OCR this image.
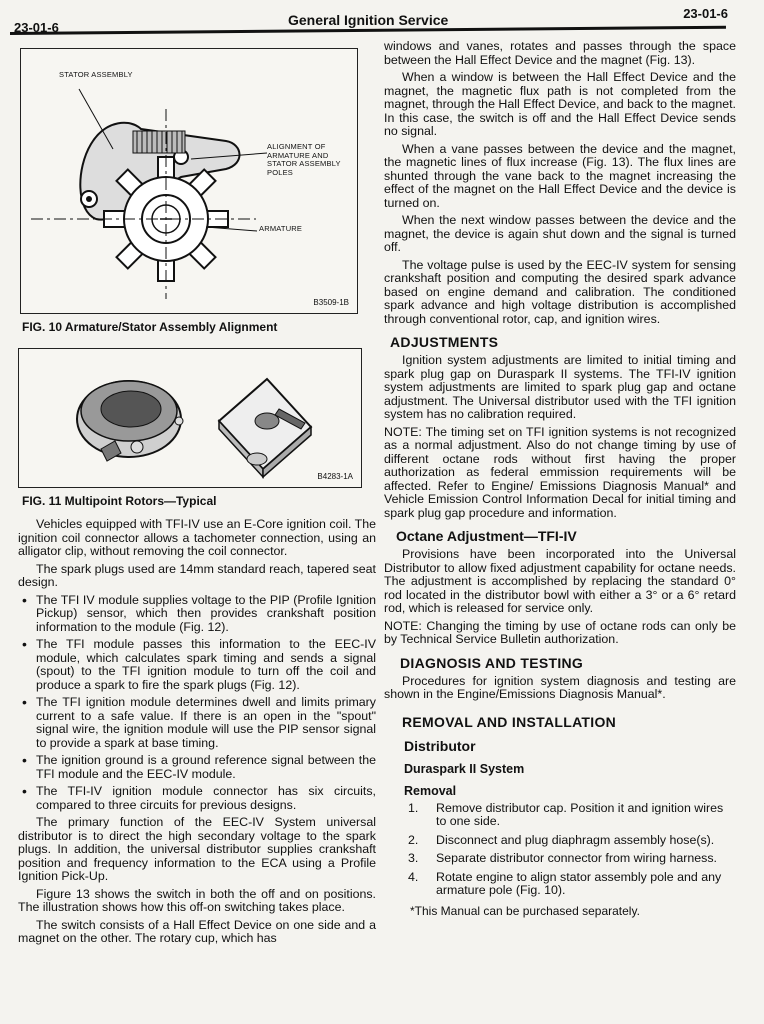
23-01-6	General Ignition Service	23-01-6
STATOR ASSEMBLY
ALIGNMENT OF ARMATURE AND STATOR ASSEMBLY POLES
ARMATURE
B3509-1B
FIG. 10 Armature/Stator Assembly Alignment
B4283-1A
FIG. 11 Multipoint Rotors—Typical

Vehicles equipped with TFI-IV use an E-Core ignition coil. The ignition coil connector allows a tachometer connection, using an alligator clip, without removing the coil connector.

The spark plugs used are 14mm standard reach, tapered seat design.

• The TFI IV module supplies voltage to the PIP (Profile Ignition Pickup) sensor, which then provides crankshaft position information to the module (Fig. 12).
• The TFI module passes this information to the EEC-IV module, which calculates spark timing and sends a signal (spout) to the TFI ignition module to turn off the coil and produce a spark to fire the spark plugs (Fig. 12).
• The TFI ignition module determines dwell and limits primary current to a safe value. If there is an open in the "spout" signal wire, the ignition module will use the PIP sensor signal to provide a spark at base timing.
• The ignition ground is a ground reference signal between the TFI module and the EEC-IV module.
• The TFI-IV ignition module connector has six circuits, compared to three circuits for previous designs.

The primary function of the EEC-IV System universal distributor is to direct the high secondary voltage to the spark plugs. In addition, the universal distributor supplies crankshaft position and frequency information to the ECA using a Profile Ignition Pick-Up.

Figure 13 shows the switch in both the off and on positions. The illustration shows how this off-on switching takes place.

The switch consists of a Hall Effect Device on one side and a magnet on the other. The rotary cup, which has

windows and vanes, rotates and passes through the space between the Hall Effect Device and the magnet (Fig. 13).

When a window is between the Hall Effect Device and the magnet, the magnetic flux path is not completed from the magnet, through the Hall Effect Device, and back to the magnet. In this case, the switch is off and the Hall Effect Device sends no signal.

When a vane passes between the device and the magnet, the magnetic lines of flux increase (Fig. 13). The flux lines are shunted through the vane back to the magnet increasing the effect of the magnet on the Hall Effect Device and the device is turned on.

When the next window passes between the device and the magnet, the device is again shut down and the signal is turned off.

The voltage pulse is used by the EEC-IV system for sensing crankshaft position and computing the desired spark advance based on engine demand and calibration. The conditioned spark advance and high voltage distribution is accomplished through conventional rotor, cap, and ignition wires.

ADJUSTMENTS

Ignition system adjustments are limited to initial timing and spark plug gap on Duraspark II systems. The TFI-IV ignition system adjustments are limited to spark plug gap and octane adjustment. The Universal distributor used with the TFI ignition system has no calibration required.

NOTE: The timing set on TFI ignition systems is not recognized as a normal adjustment. Also do not change timing by use of different octane rods without first having the proper authorization as federal emmission requirements will be affected. Refer to Engine/ Emissions Diagnosis Manual* and Vehicle Emission Control Information Decal for initial timing and spark plug gap procedure and information.

Octane Adjustment—TFI-IV

Provisions have been incorporated into the Universal Distributor to allow fixed adjustment capability for octane needs. The adjustment is accomplished by replacing the standard 0° rod located in the distributor bowl with either a 3° or a 6° retard rod, which is released for service only.

NOTE: Changing the timing by use of octane rods can only be by Technical Service Bulletin authorization.

DIAGNOSIS AND TESTING

Procedures for ignition system diagnosis and testing are shown in the Engine/Emissions Diagnosis Manual*.

REMOVAL AND INSTALLATION
Distributor
Duraspark II System
Removal
1. Remove distributor cap. Position it and ignition wires to one side.
2. Disconnect and plug diaphragm assembly hose(s).
3. Separate distributor connector from wiring harness.
4. Rotate engine to align stator assembly pole and any armature pole (Fig. 10).
*This Manual can be purchased separately.
